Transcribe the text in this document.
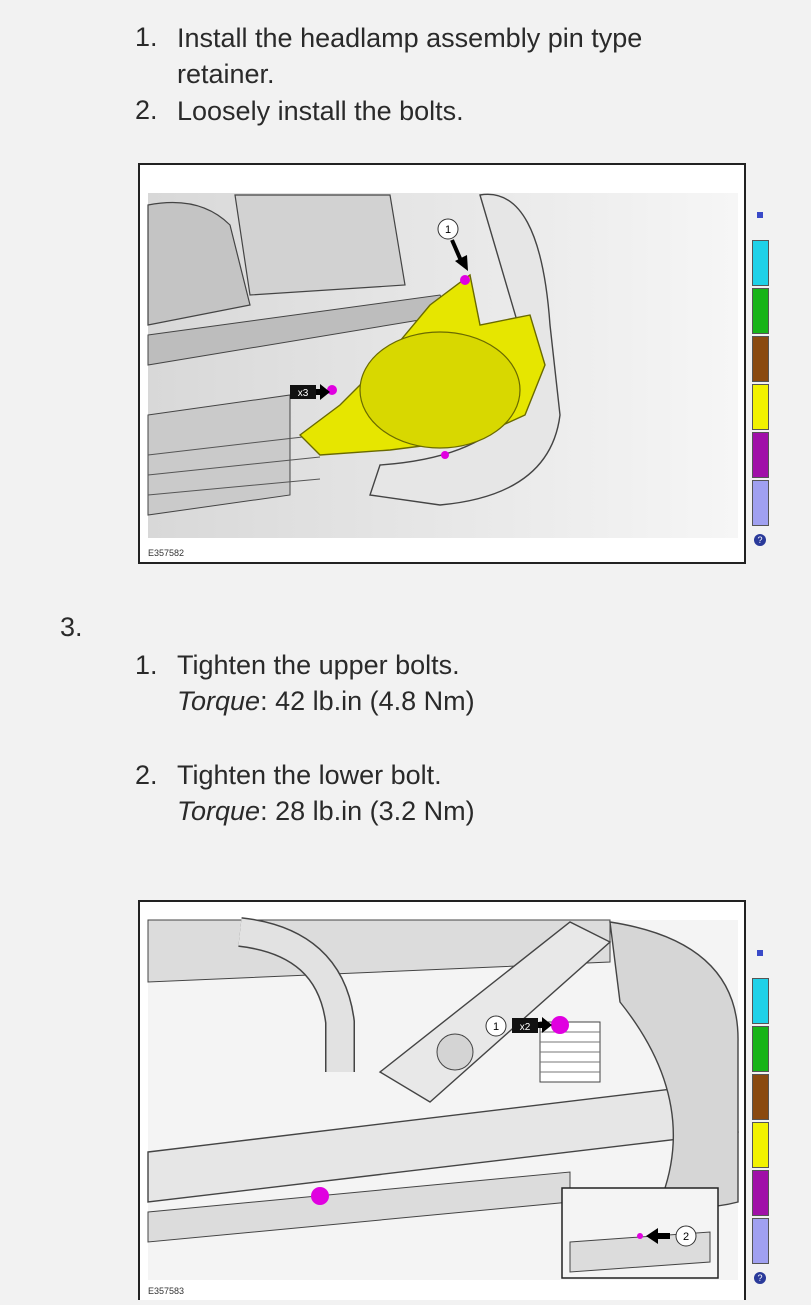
1. Install the headlamp assembly pin type
retainer.
2. Loosely install the bolts.
1
x3
E357582
?
3.
1. Tighten the upper bolts.
Torque: 42 lb.in (4.8 Nm)
2. Tighten the lower bolt.
Torque: 28 lb.in (3.2 Nm)
1 x2
2
E357583
?
